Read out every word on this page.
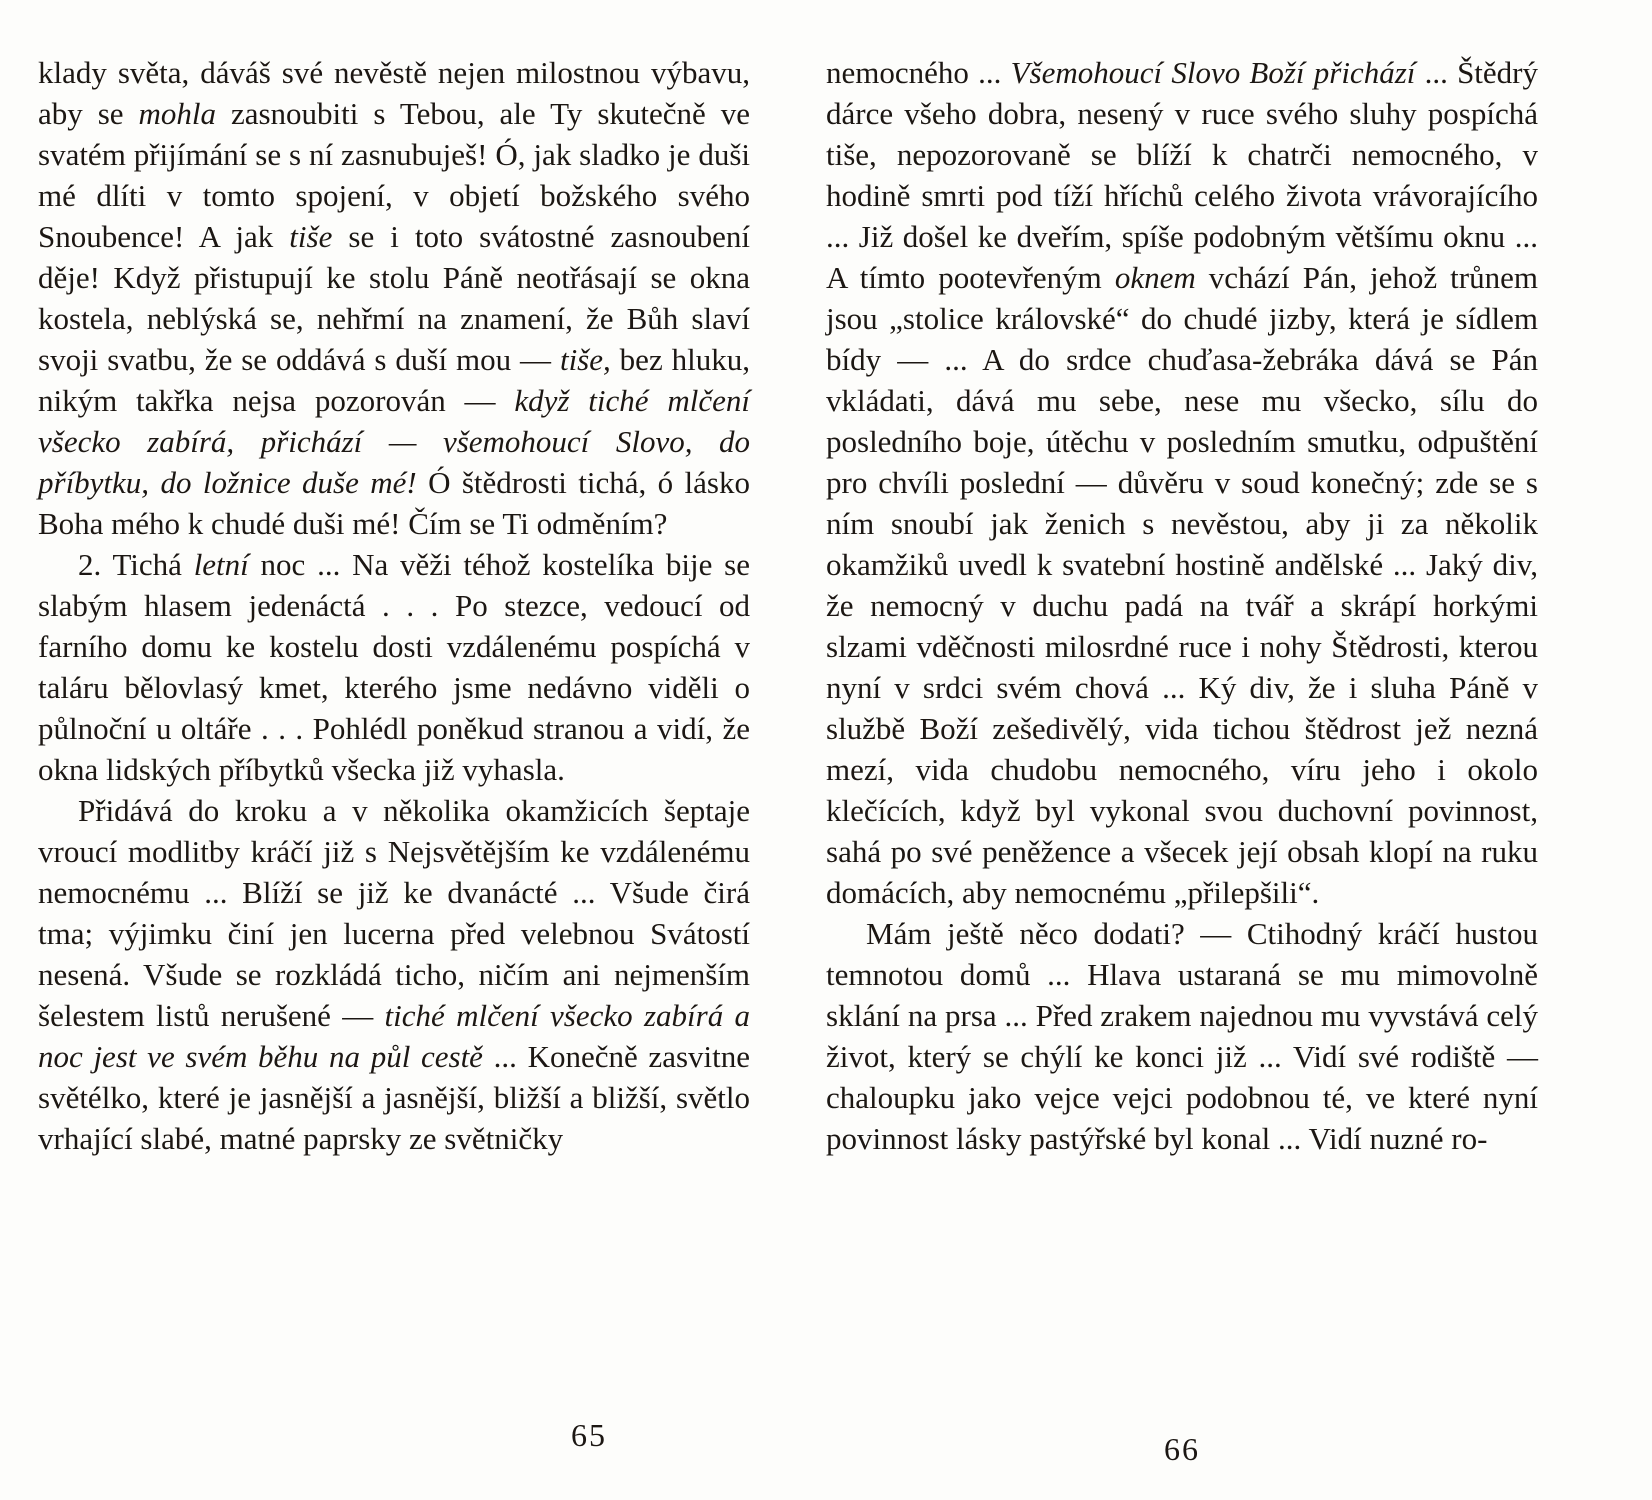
klady světa, dáváš své nevěstě nejen milostnou výbavu, aby se mohla zasnoubiti s Tebou, ale Ty skutečně ve svatém přijímání se s ní zasnubuješ! Ó, jak sladko je duši mé dlíti v tomto spojení, v objetí božského svého Snoubence! A jak tiše se i toto svátostné zasnoubení děje! Když přistupují ke stolu Páně neotřásají se okna kostela, neblýská se, nehřmí na znamení, že Bůh slaví svoji svatbu, že se oddává s duší mou — tiše, bez hluku, nikým takřka nejsa pozorován — když tiché mlčení všecko zabírá, přichází — všemohoucí Slovo, do příbytku, do ložnice duše mé! Ó štědrosti tichá, ó lásko Boha mého k chudé duši mé! Čím se Ti odměním?

2. Tichá letní noc ... Na věži téhož kostelíka bije se slabým hlasem jedenáctá . . . Po stezce, vedoucí od farního domu ke kostelu dosti vzdálenému pospíchá v taláru bělovlasý kmet, kterého jsme nedávno viděli o půlnoční u oltáře . . . Pohlédl poněkud stranou a vidí, že okna lidských příbytků všecka již vyhasla.

Přidává do kroku a v několika okamžicích šeptaje vroucí modlitby kráčí již s Nejsvětějším ke vzdálenému nemocnému ... Blíží se již ke dvanácté ... Všude čirá tma; výjimku činí jen lucerna před velebnou Svátostí nesená. Všude se rozkládá ticho, ničím ani nejmenším šelestem listů nerušené — tiché mlčení všecko zabírá a noc jest ve svém běhu na půl cestě ... Konečně zasvitne světélko, které je jasnější a jasnější, bližší a bližší, světlo vrhající slabé, matné paprsky ze světničky

65

nemocného ... Všemohoucí Slovo Boží přichází ... Štědrý dárce všeho dobra, nesený v ruce svého sluhy pospíchá tiše, nepozorovaně se blíží k chatrči nemocného, v hodině smrti pod tíží hříchů celého života vrávorajícího ... Již došel ke dveřím, spíše podobným většímu oknu ... A tímto pootevřeným oknem vchází Pán, jehož trůnem jsou „stolice královské“ do chudé jizby, která je sídlem bídy — ... A do srdce chuďasa-žebráka dává se Pán vkládati, dává mu sebe, nese mu všecko, sílu do posledního boje, útěchu v posledním smutku, odpuštění pro chvíli poslední — důvěru v soud konečný; zde se s ním snoubí jak ženich s nevěstou, aby ji za několik okamžiků uvedl k svatební hostině andělské ... Jaký div, že nemocný v duchu padá na tvář a skrápí horkými slzami vděčnosti milosrdné ruce i nohy Štědrosti, kterou nyní v srdci svém chová ... Ký div, že i sluha Páně v službě Boží zešedivělý, vida tichou štědrost jež nezná mezí, vida chudobu nemocného, víru jeho i okolo klečících, když byl vykonal svou duchovní povinnost, sahá po své peněžence a všecek její obsah klopí na ruku domácích, aby nemocnému „přilepšili“.

Mám ještě něco dodati? — Ctihodný kráčí hustou temnotou domů ... Hlava ustaraná se mu mimovolně sklání na prsa ... Před zrakem najednou mu vyvstává celý život, který se chýlí ke konci již ... Vidí své rodiště — chaloupku jako vejce vejci podobnou té, ve které nyní povinnost lásky pastýřské byl konal ... Vidí nuzné ro-

66
